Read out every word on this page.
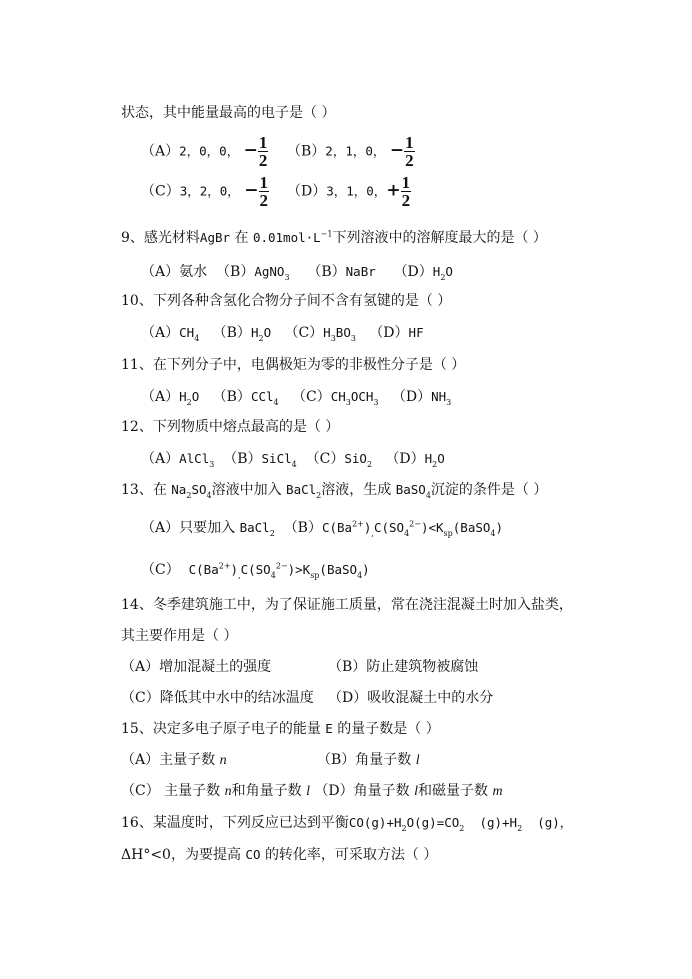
状态，其中能量最高的电子是（ ）
（A）2，0，0， − $\frac{1}{2} (B)2$，1，0， − $\frac{1}{2}$
（C）3，2，0， − $\frac{1}{2} (D)3$，1，0，+ $\frac{1}{2}$
9、感光材料AgBr 在 $0.01mol\cdot L^{-1}$下列溶液中的溶解度最大的是（ ）
（A）氨水 （B）AgNO$_3$ （B）NaBr $(D)H_2O$
10、下列各种含氢化合物分子间不含有氢键的是（ ）
$(A)CH_4$ $(B)H_2O$ $(C)H_3BO_3$ （D）HF
11、在下列分子中，电偶极矩为零的非极性分子是（ ）
$(A)H_2O$ （B）CCl$_4$ $(C)CH_3OCH_3$ $(D)NH_3$
12、下列物质中熔点最高的是（ ）
（A）AlCl$_3$ （B）SiCl$_4$ （C）SiO$_2$ $(D)H_2O$
13、在 $Na_2SO_4$溶液中加入 BaCl$_2$溶液，生成 BaSO$_4$沉淀的条件是（ ）
（A）只要加入 BaCl$_2$ $(B)C(Ba^{2+})_,C(SO_4^{2-})<K_{sp}(BaSO_4)$
（C） $C(Ba^{2+})_,C(SO_4^{2-})>K_{sp}(BaSO_4)$
14、冬季建筑施工中，为了保证施工质量，常在浇注混凝土时加入盐类，
其主要作用是（ ）
（A）增加混凝土的强度	（B）防止建筑物被腐蚀
（C）降低其中水中的结冰温度 （D）吸收混凝土中的水分
15、决定多电子原子电子的能量 E 的量子数是（ ）
（A）主量子数 n	（B）角量子数 l
（C） 主量子数 n和角量子数 l （D）角量子数 l和磁量子数 m
16、某温度时，下列反应已达到平衡$CO(g)+H_2O(g)=CO_2$  $(g)+H_2$  (g)，
ΔH°<0，为要提高 CO 的转化率，可采取方法（ ）
